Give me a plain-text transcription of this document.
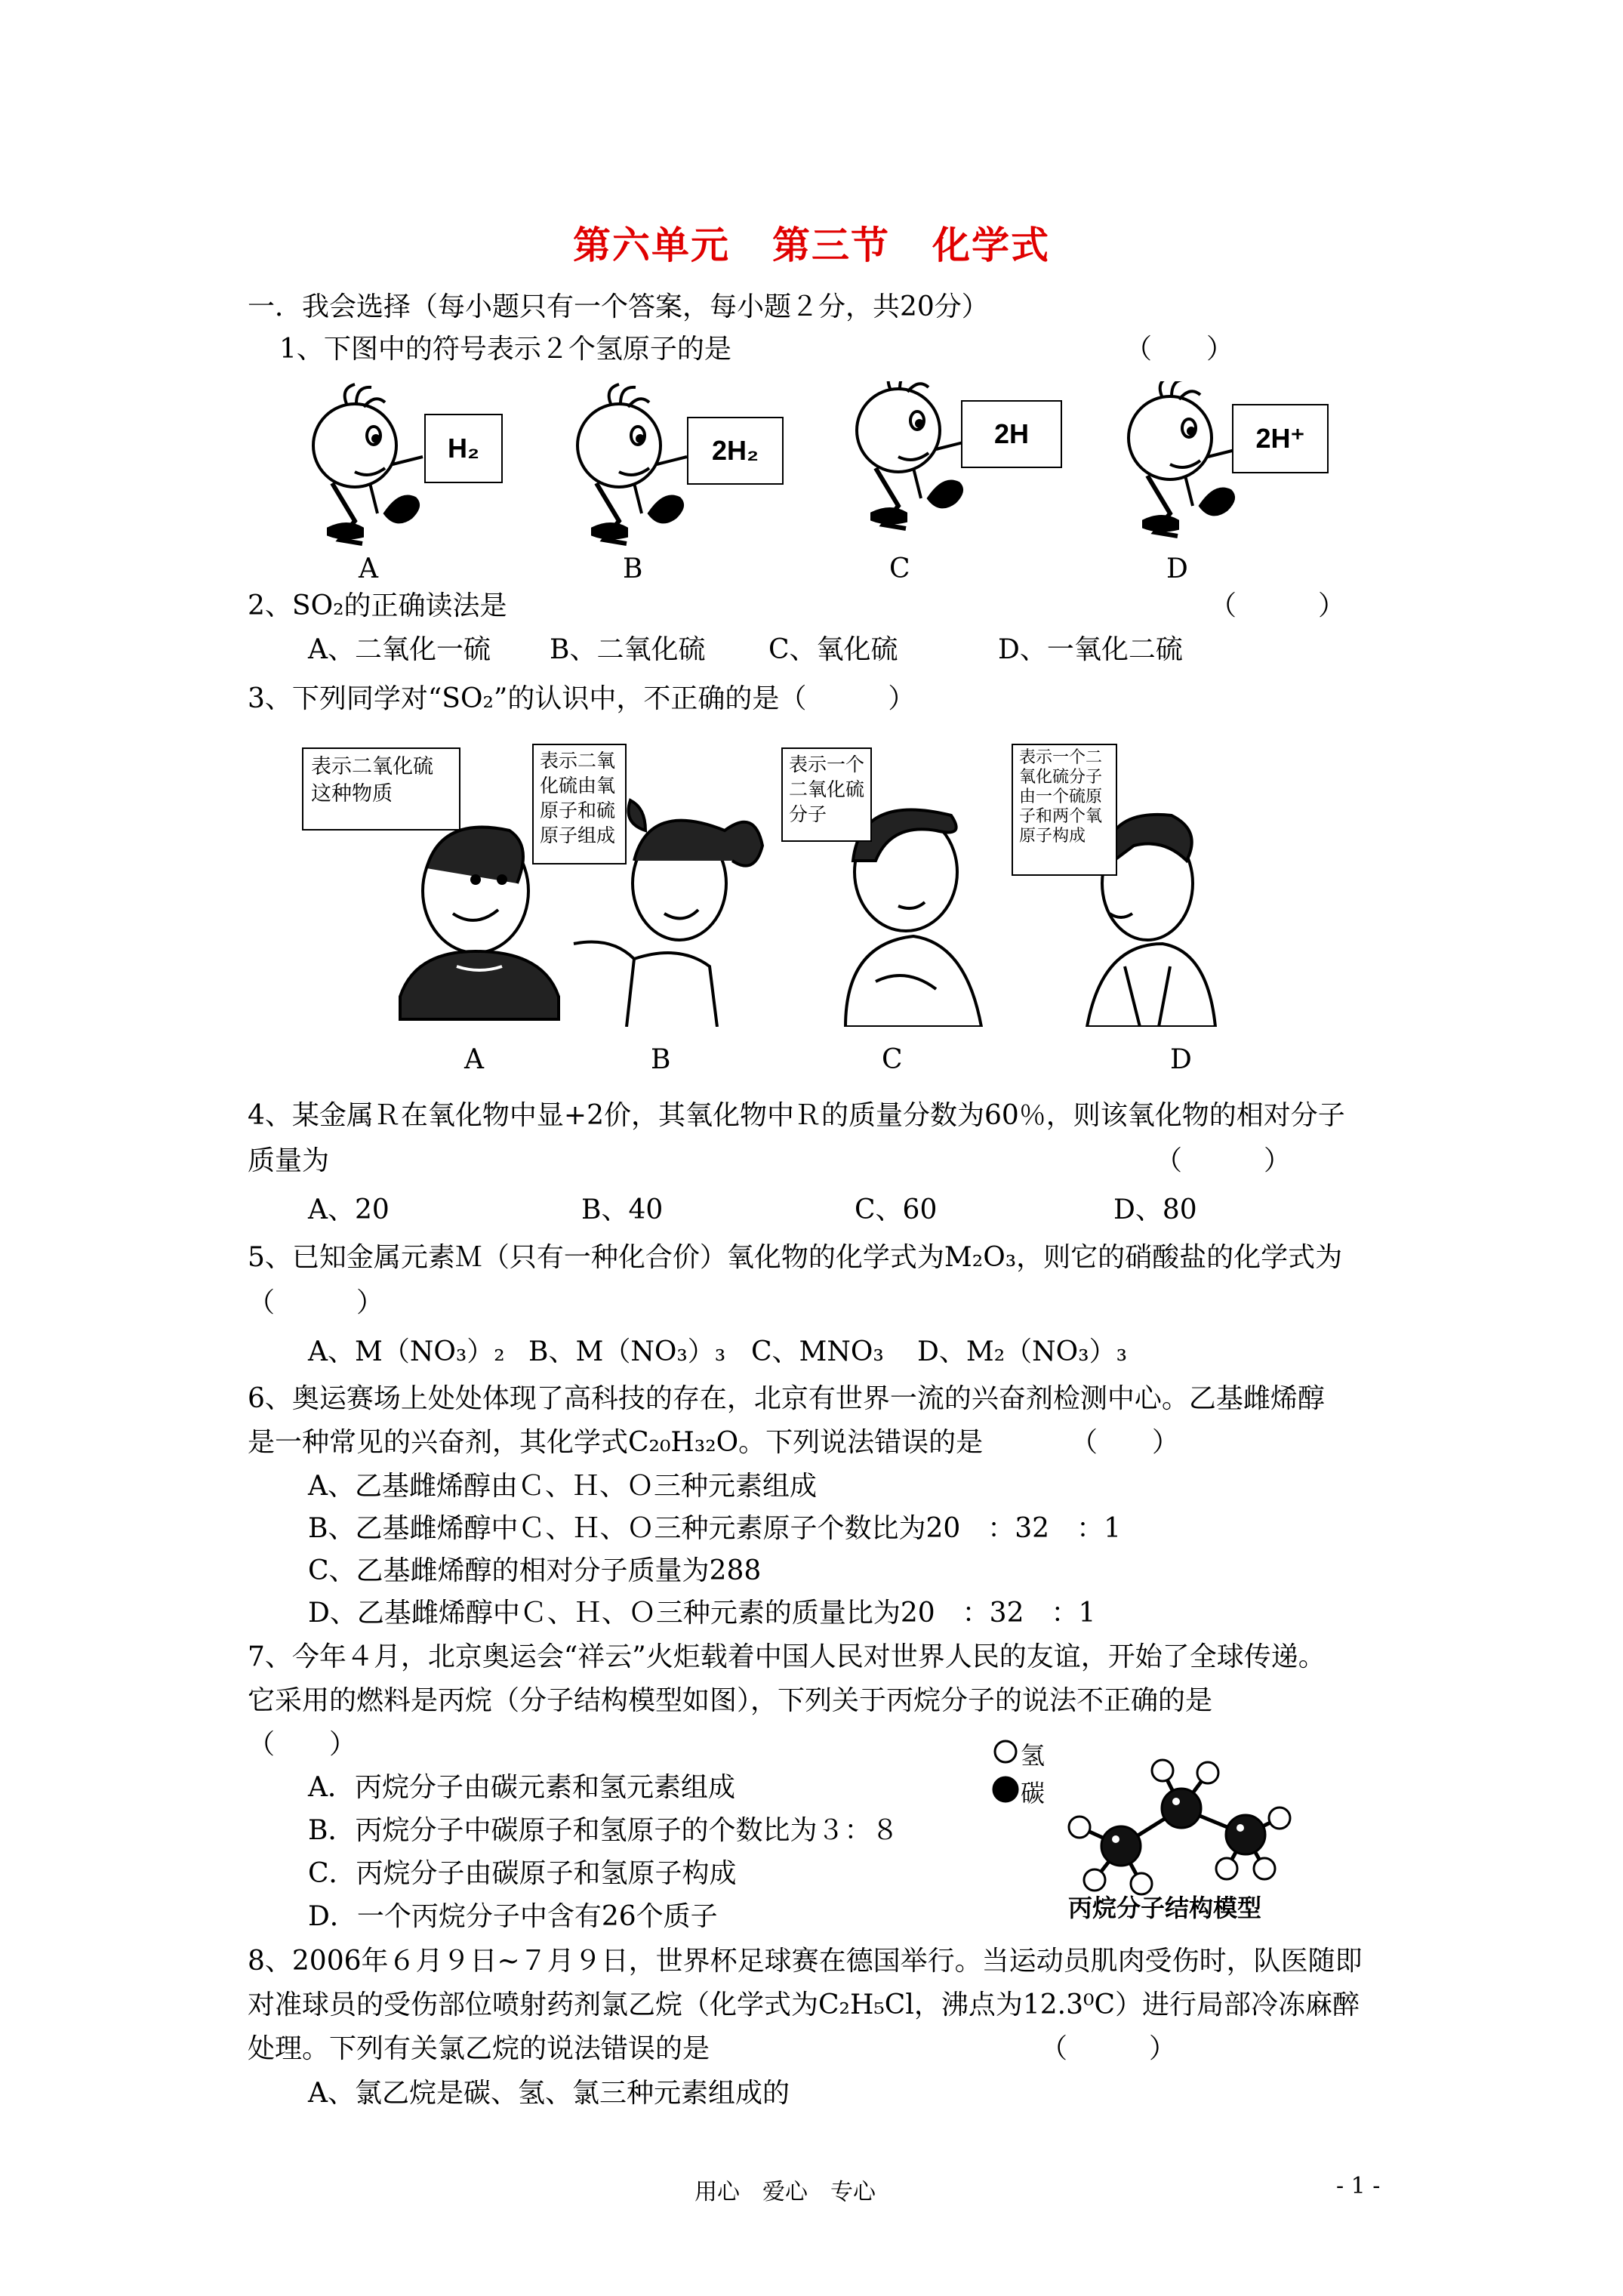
第六单元 第三节 化学式
一．我会选择（每小题只有一个答案，每小题２分，共20分）
1、下图中的符号表示２个氢原子的是	（　　）
H₂	2H₂
2H	2H⁺
A	B	C	D
2、SO₂的正确读法是	（　　　）
A、二氧化一硫 B、二氧化硫 C、氧化硫	D、一氧化二硫
3、下列同学对“SO₂”的认识中，不正确的是（　　　）
表示二氧化硫这种物质
表示二氧化硫由氧原子和硫原子组成
表示一个二氧化硫分子
表示一个二氧化硫分子由一个硫原子和两个氧原子构成
A	B	C	D
4、某金属Ｒ在氧化物中显+2价，其氧化物中Ｒ的质量分数为60％，则该氧化物的相对分子
质量为	（　　　）
A、20	B、40	C、60	D、80
5、已知金属元素Ｍ（只有一种化合价）氧化物的化学式为M₂O₃，则它的硝酸盐的化学式为
（　　　）
A、M（NO₃）₂ B、M（NO₃）₃ C、MNO₃ D、M₂（NO₃）₃
6、奥运赛场上处处体现了高科技的存在，北京有世界一流的兴奋剂检测中心。乙基雌烯醇
是一种常见的兴奋剂，其化学式C₂₀H₃₂O。下列说法错误的是	（　　）
A、乙基雌烯醇由Ｃ、Ｈ、Ｏ三种元素组成
B、乙基雌烯醇中Ｃ、Ｈ、Ｏ三种元素原子个数比为20　：32　：1
C、乙基雌烯醇的相对分子质量为288
D、乙基雌烯醇中Ｃ、Ｈ、Ｏ三种元素的质量比为20　：32　：1
7、今年４月，北京奥运会“祥云”火炬载着中国人民对世界人民的友谊，开始了全球传递。
它采用的燃料是丙烷（分子结构模型如图），下列关于丙烷分子的说法不正确的是
（　　）
A．丙烷分子由碳元素和氢元素组成
B．丙烷分子中碳原子和氢原子的个数比为３：８
C．丙烷分子由碳原子和氢原子构成
D．一个丙烷分子中含有26个质子
氢
碳
丙烷分子结构模型
8、2006年６月９日~７月９日，世界杯足球赛在德国举行。当运动员肌肉受伤时，队医随即
对准球员的受伤部位喷射药剂氯乙烷（化学式为C₂H₅Cl，沸点为12.3⁰C）进行局部冷冻麻醉
处理。下列有关氯乙烷的说法错误的是	（　　　）
A、氯乙烷是碳、氢、氯三种元素组成的
用心　爱心　专心	- 1 -
